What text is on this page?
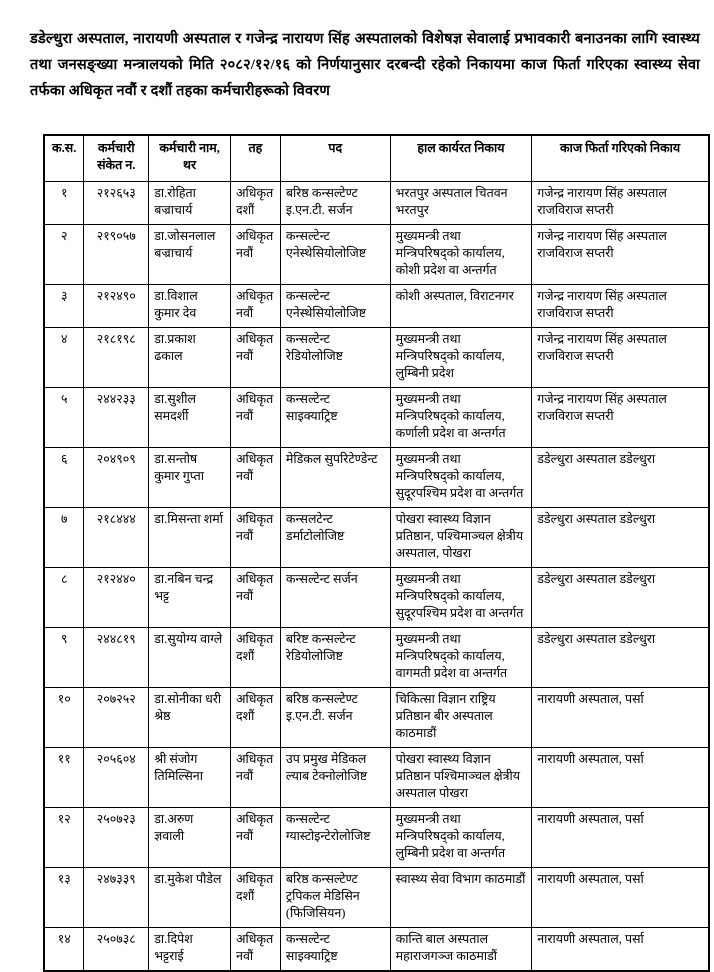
डडेल्धुरा अस्पताल, नारायणी अस्पताल र गजेन्द्र नारायण सिंह अस्पतालको विशेषज्ञ सेवालाई प्रभावकारी बनाउनका लागि स्वास्थ्य तथा जनसङ्ख्या मन्त्रालयको मिति २०८२/१२/१६ को निर्णयानुसार दरबन्दी रहेको निकायमा काज फिर्ता गरिएका स्वास्थ्य सेवा तर्फका अधिकृत नवौं र दशौं तहका कर्मचारीहरूको विवरण

क.स.	कर्मचारी संकेत न.	कर्मचारी नाम, थर	तह	पद	हाल कार्यरत निकाय	काज फिर्ता गरिएको निकाय
१	२१२६५३	डा.रोहिता बज्राचार्य	अधिकृत दशौं	बरिष्ठ कन्सल्टेण्ट इ.एन.टी. सर्जन	भरतपुर अस्पताल चितवन भरतपुर	गजेन्द्र नारायण सिंह अस्पताल राजविराज सप्तरी
२	२१९०५७	डा.जोसनलाल बज्राचार्य	अधिकृत नवौं	कन्सल्टेन्ट एनेस्थेसियोलोजिष्ट	मुख्यमन्त्री तथा मन्त्रिपरिषद्को कार्यालय, कोशी प्रदेश वा अन्तर्गत	गजेन्द्र नारायण सिंह अस्पताल राजविराज सप्तरी
३	२१२४९०	डा.विशाल कुमार देव	अधिकृत नवौं	कन्सल्टेन्ट एनेस्थेसियोलोजिष्ट	कोशी अस्पताल, विराटनगर	गजेन्द्र नारायण सिंह अस्पताल राजविराज सप्तरी
४	२१८१९८	डा.प्रकाश ढकाल	अधिकृत नवौं	कन्सल्टेन्ट रेडियोलोजिष्ट	मुख्यमन्त्री तथा मन्त्रिपरिषद्को कार्यालय, लुम्बिनी प्रदेश	गजेन्द्र नारायण सिंह अस्पताल राजविराज सप्तरी
५	२४४२३३	डा.सुशील समदर्शी	अधिकृत नवौं	कन्सल्टेन्ट साइक्याट्रिष्ट	मुख्यमन्त्री तथा मन्त्रिपरिषद्को कार्यालय, कर्णाली प्रदेश वा अन्तर्गत	गजेन्द्र नारायण सिंह अस्पताल राजविराज सप्तरी
६	२०४९०९	डा.सन्तोष कुमार गुप्ता	अधिकृत नवौं	मेडिकल सुपरिटेण्डेन्ट	मुख्यमन्त्री तथा मन्त्रिपरिषद्को कार्यालय, सुदूरपश्चिम प्रदेश वा अन्तर्गत	डडेल्धुरा अस्पताल डडेल्धुरा
७	२१८४४४	डा.मिसन्ता शर्मा	अधिकृत नवौं	कन्सलटेन्ट डर्माटोलोजिष्ट	पोखरा स्वास्थ्य विज्ञान प्रतिष्ठान, पश्चिमाञ्चल क्षेत्रीय अस्पताल, पोखरा	डडेल्धुरा अस्पताल डडेल्धुरा
८	२१२४४०	डा.नबिन चन्द्र भट्ट	अधिकृत नवौं	कन्सल्टेन्ट सर्जन	मुख्यमन्त्री तथा मन्त्रिपरिषद्को कार्यालय, सुदूरपश्चिम प्रदेश वा अन्तर्गत	डडेल्धुरा अस्पताल डडेल्धुरा
९	२४४८१९	डा.सुयोग्य वाग्ले	अधिकृत दशौं	बरिष्ट कन्सल्टेन्ट रेडियोलोजिष्ट	मुख्यमन्त्री तथा मन्त्रिपरिषद्को कार्यालय, वागमती प्रदेश वा अन्तर्गत	डडेल्धुरा अस्पताल डडेल्धुरा
१०	२०७२५२	डा.सोनीका धरी श्रेष्ठ	अधिकृत दशौं	बरिष्ठ कन्सल्टेण्ट इ.एन.टी. सर्जन	चिकित्सा विज्ञान राष्ट्रिय प्रतिष्ठान बीर अस्पताल काठमाडौं	नारायणी अस्पताल, पर्सा
११	२०५६०४	श्री संजोग तिमिल्सिना	अधिकृत नवौं	उप प्रमुख मेडिकल ल्याब टेक्नोलोजिष्ट	पोखरा स्वास्थ्य विज्ञान प्रतिष्ठान पश्चिमाञ्चल क्षेत्रीय अस्पताल पोखरा	नारायणी अस्पताल, पर्सा
१२	२५०७२३	डा.अरुण ज्ञवाली	अधिकृत नवौं	कन्सल्टेन्ट ग्यास्टोइन्टेरोलोजिष्ट	मुख्यमन्त्री तथा मन्त्रिपरिषद्को कार्यालय, लुम्बिनी प्रदेश वा अन्तर्गत	नारायणी अस्पताल, पर्सा
१३	२४७३३९	डा.मुकेश पौडेल	अधिकृत दशौं	बरिष्ठ कन्सल्टेण्ट ट्रपिकल मेडिसिन (फिजिसियन)	स्वास्थ्य सेवा विभाग काठमाडौं	नारायणी अस्पताल, पर्सा
१४	२५०७३८	डा.दिपेश भट्टराई	अधिकृत नवौं	कन्सल्टेन्ट साइक्याट्रिष्ट	कान्ति बाल अस्पताल महाराजगञ्ज काठमाडौं	नारायणी अस्पताल, पर्सा
